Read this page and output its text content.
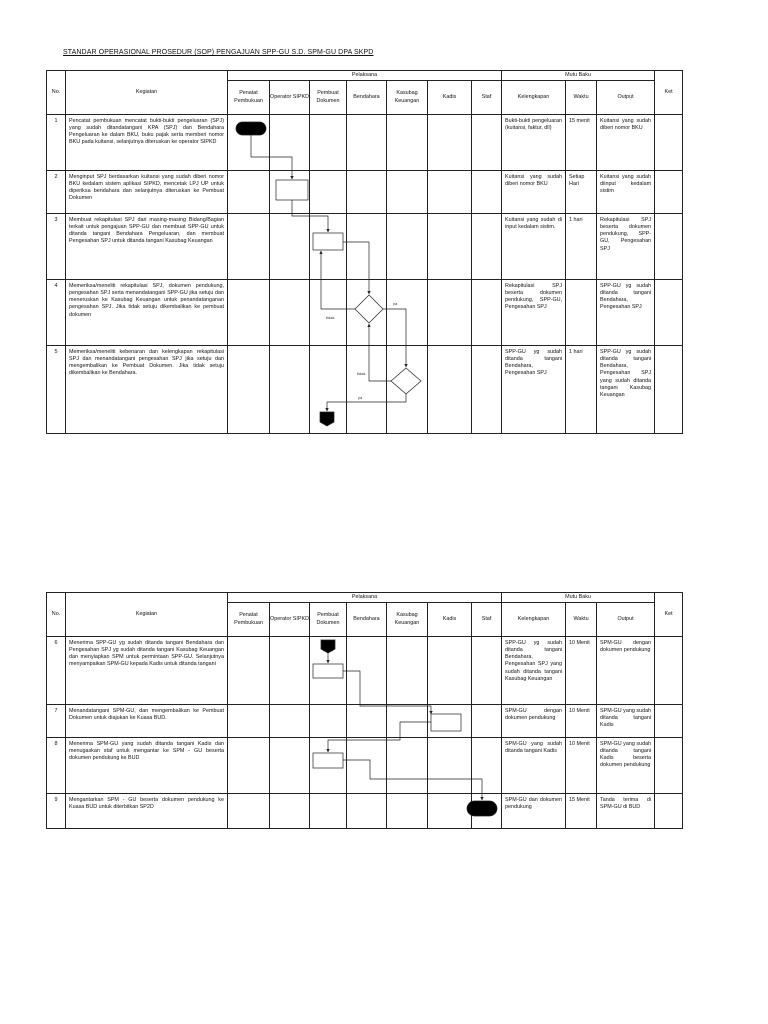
STANDAR OPERASIONAL PROSEDUR (SOP) PENGAJUAN SPP-GU S.D. SPM-GU DPA SKPD
No.	Kegiatan	Pelaksana							Mutu Baku			Ket
		Penatat Pembukuan	Operator SIPKD	Pembuat Dokumen	Bendahara	Kasubag Keuangan	Kadis	Staf	Kelengkapan	Waktu	Output	
1	Pencatat pembukuan mencatat bukti-bukti pengeluaran (SPJ) yang sudah ditandatangani KPA (SPJ) dan Bendahara Pengeluaran ke dalam BKU, buku pajak serta memberi nomor BKU pada kuitansi, selanjutnya diteruskan ke operator SIPKD								Bukti-bukti pengeluaran (kuitansi, faktur, dll)	15 menit	Kuitansi yang sudah diberi nomor BKU	
2	Menginput SPJ berdasarkan kuitansi yang sudah diberi nomor BKU kedalam sistem aplikasi SIPKD, mencetak LPJ UP untuk diperiksa bendahara dan selanjutnya diteruskan ke Pembuat Dokumen								Kuitansi yang sudah diberi nomor BKU	Setiap Hari	Kuitansi yang sudah diinput kedalam sistim	
3	Membuat rekapitulasi SPJ dari masing-masing Bidang/Bagian terkait untuk pengajuan SPP-GU dan membuat SPP-GU untuk ditanda tangani Bendahara Pengeluaran, dan membuat Pengesahan SPJ untuk ditanda tangani Kasubag Keuangan								Kuitansi yang sudah di input kedalam sistim.	1 hari	Rekapitulasi SPJ beserta dokumen pendukung, SPP-GU, Pengesahan SPJ	
4	Memeriksa/meneliti rekapitulasi SPJ, dokumen pendukung, pengesahan SPJ serta menandatangani SPP-GU jika setuju dan meneruskan ke Kasubag Keuangan untuk penandatanganan pengesahan SPJ. Jika tidak setuju dikembalikan ke pembuat dokumen								Rekapitulasi SPJ beserta dokumen pendukung, SPP-GU, Pengesahan SPJ		SPP-GU yg sudah ditanda tangani Bendahara, Pengesahan SPJ	
5	Memeriksa/meneliti kebenaran dan kelengkapan rekapitulasi SPJ dan menandatangani pengesahan SPJ jika setuju dan mengembalikan ke Pembuat Dokumen. Jika tidak setuju dikembalikan ke Bendahara.								SPP-GU yg sudah ditanda tangani Bendahara, Pengesahan SPJ	1 hari	SPP-GU yg sudah ditanda tangani Bendahara, Pengesahan SPJ yang sudah ditanda tangani Kasubag Keuangan	
No.	Kegiatan	Pelaksana							Mutu Baku			Ket
		Penatat Pembukuan	Operator SIPKD	Pembuat Dokumen	Bendahara	Kasubag Keuangan	Kadis	Staf	Kelengkapan	Waktu	Output	
6	Menerima SPP-GU yg sudah ditanda tangani Bendahara dan Pengesahan SPJ yg sudah ditanda tangani Kasubag Keuangan dan menyiapkan SPM untuk permintaan SPP-GU. Selanjutnya menyampaikan SPM-GU kepada Kadis untuk ditanda tangani								SPP-GU yg sudah ditanda tangani Bendahara, Pengesahan SPJ yang sudah ditanda tangani Kasubag Keuangan	10 Menit	SPM-GU dengan dokumen pendukung	
7	Menandatangani SPM-GU, dan mengembalikan ke Pembuat Dokumen untuk diajukan ke Kuasa BUD.								SPM-GU dengan dokumen pendukung	10 Menit	SPM-GU yang sudah ditanda tangani Kadis	
8	Menerima SPM-GU yang sudah ditanda tangani Kadis dan menugaskan staf untuk mengantar ke SPM - GU beserta dokumen pendukung ke BUD								SPM-GU yang sudah ditanda tangani Kadis	10 Menit	SPM-GU yang sudah ditanda tangani Kadis beserta dokumen pendukung	
9	Mengantarkan SPM - GU beserta dokumen pendukung ke Kuasa BUD untuk diterbitkan SP2D								SPM-GU dan dokumen pendukung	15 Menit	Tanda terima di SPM-GU di BUD	
ya
tidak
tidak
ya
